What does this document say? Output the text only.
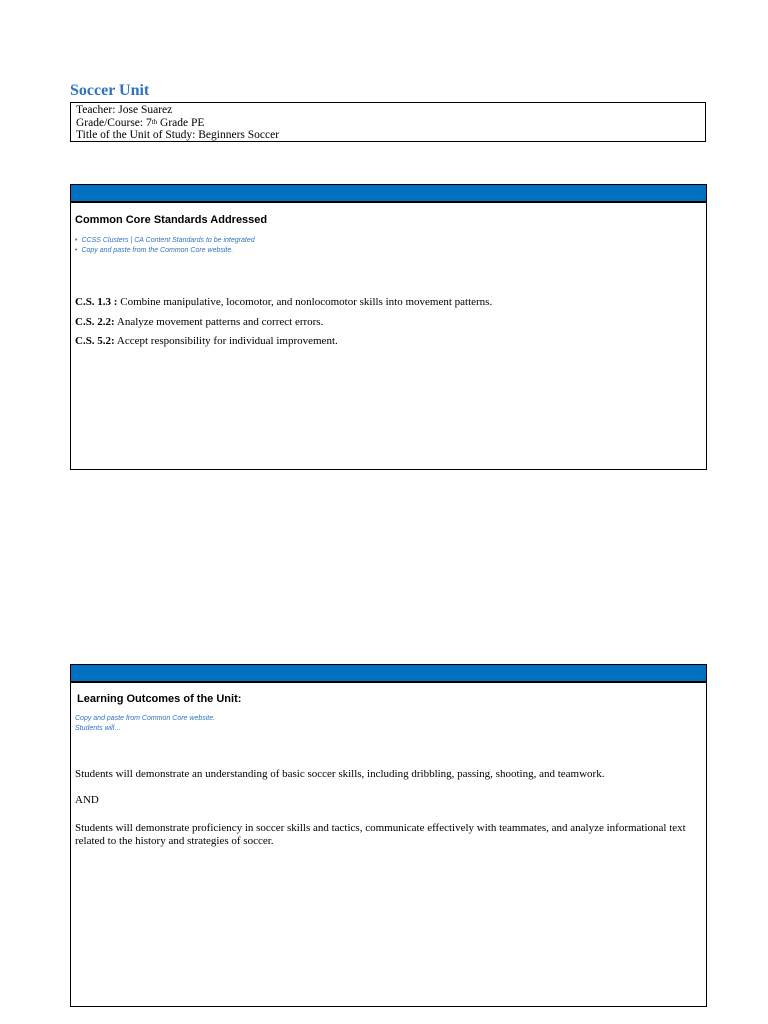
Soccer Unit
Teacher: Jose Suarez
Grade/Course: 7th Grade PE
Title of the Unit of Study: Beginners Soccer
Common Core Standards Addressed
• CCSS Clusters | CA Content Standards to be integrated
• Copy and paste from the Common Core website.
C.S. 1.3 : Combine manipulative, locomotor, and nonlocomotor skills into movement patterns.
C.S. 2.2: Analyze movement patterns and correct errors.
C.S. 5.2: Accept responsibility for individual improvement.
Learning Outcomes of the Unit:
Copy and paste from Common Core website.
Students will…

Students will demonstrate an understanding of basic soccer skills, including dribbling, passing, shooting, and teamwork.

AND

Students will demonstrate proficiency in soccer skills and tactics, communicate effectively with teammates, and analyze informational text related to the history and strategies of soccer.
